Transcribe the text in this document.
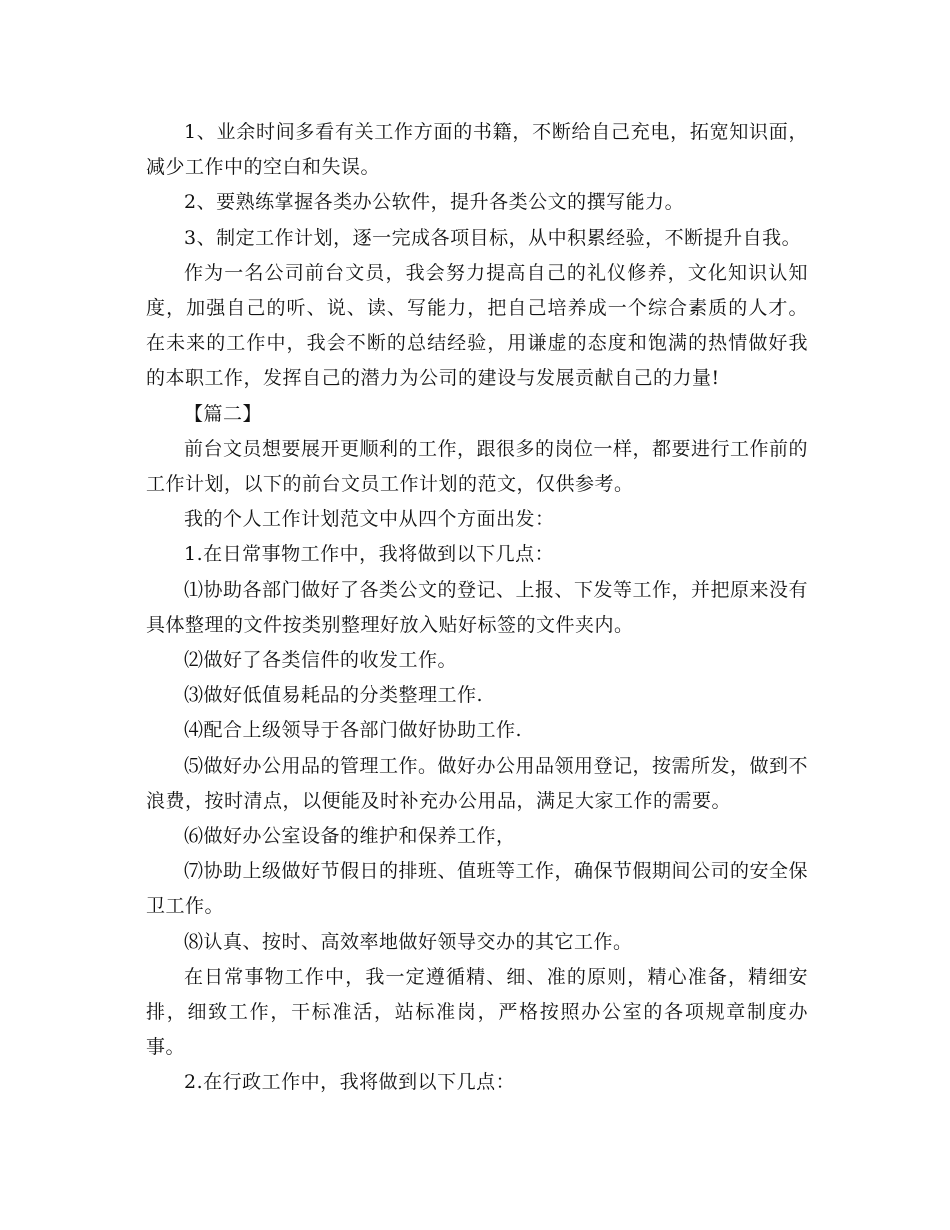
1、业余时间多看有关工作方面的书籍，不断给自己充电，拓宽知识面，减少工作中的空白和失误。

2、要熟练掌握各类办公软件，提升各类公文的撰写能力。

3、制定工作计划，逐一完成各项目标，从中积累经验，不断提升自我。

作为一名公司前台文员，我会努力提高自己的礼仪修养，文化知识认知度，加强自己的听、说、读、写能力，把自己培养成一个综合素质的人才。在未来的工作中，我会不断的总结经验，用谦虚的态度和饱满的热情做好我的本职工作，发挥自己的潜力为公司的建设与发展贡献自己的力量!

【篇二】

前台文员想要展开更顺利的工作，跟很多的岗位一样，都要进行工作前的工作计划，以下的前台文员工作计划的范文，仅供参考。

我的个人工作计划范文中从四个方面出发：

1.在日常事物工作中，我将做到以下几点：

⑴协助各部门做好了各类公文的登记、上报、下发等工作，并把原来没有具体整理的文件按类别整理好放入贴好标签的文件夹内。

⑵做好了各类信件的收发工作。

⑶做好低值易耗品的分类整理工作.

⑷配合上级领导于各部门做好协助工作.

⑸做好办公用品的管理工作。做好办公用品领用登记，按需所发，做到不浪费，按时清点，以便能及时补充办公用品，满足大家工作的需要。

⑹做好办公室设备的维护和保养工作，

⑺协助上级做好节假日的排班、值班等工作，确保节假期间公司的安全保卫工作。

⑻认真、按时、高效率地做好领导交办的其它工作。

在日常事物工作中，我一定遵循精、细、准的原则，精心准备，精细安排，细致工作，干标准活，站标准岗，严格按照办公室的各项规章制度办事。

2.在行政工作中，我将做到以下几点：
